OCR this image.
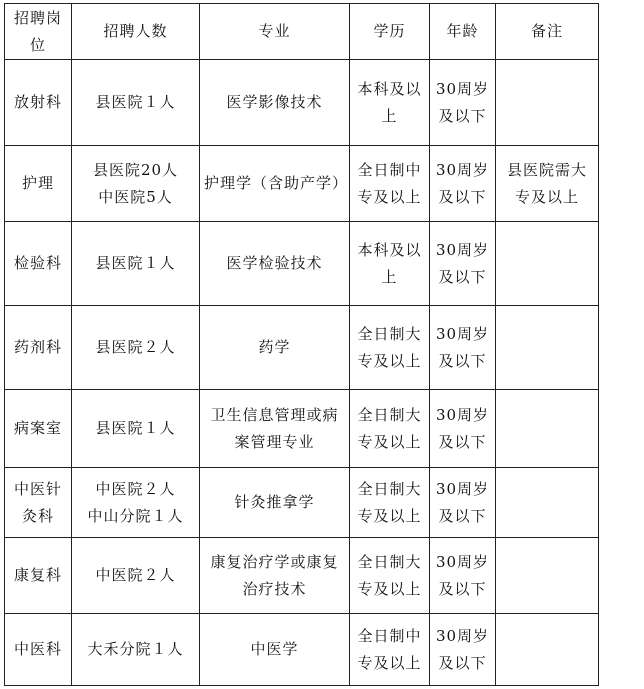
招聘岗
位	招聘人数	专业	学历	年龄	备注
放射科	县医院１人	医学影像技术	本科及以
上	30周岁
及以下	
护理	县医院20人
中医院5人	护理学（含助产学）	全日制中
专及以上	30周岁
及以下	县医院需大
专及以上
检验科	县医院１人	医学检验技术	本科及以
上	30周岁
及以下	
药剂科	县医院２人	药学	全日制大
专及以上	30周岁
及以下	
病案室	县医院１人	卫生信息管理或病
案管理专业	全日制大
专及以上	30周岁
及以下	
中医针
灸科	中医院２人
中山分院１人	针灸推拿学	全日制大
专及以上	30周岁
及以下	
康复科	中医院２人	康复治疗学或康复
治疗技术	全日制大
专及以上	30周岁
及以下	
中医科	大禾分院１人	中医学	全日制中
专及以上	30周岁
及以下	
